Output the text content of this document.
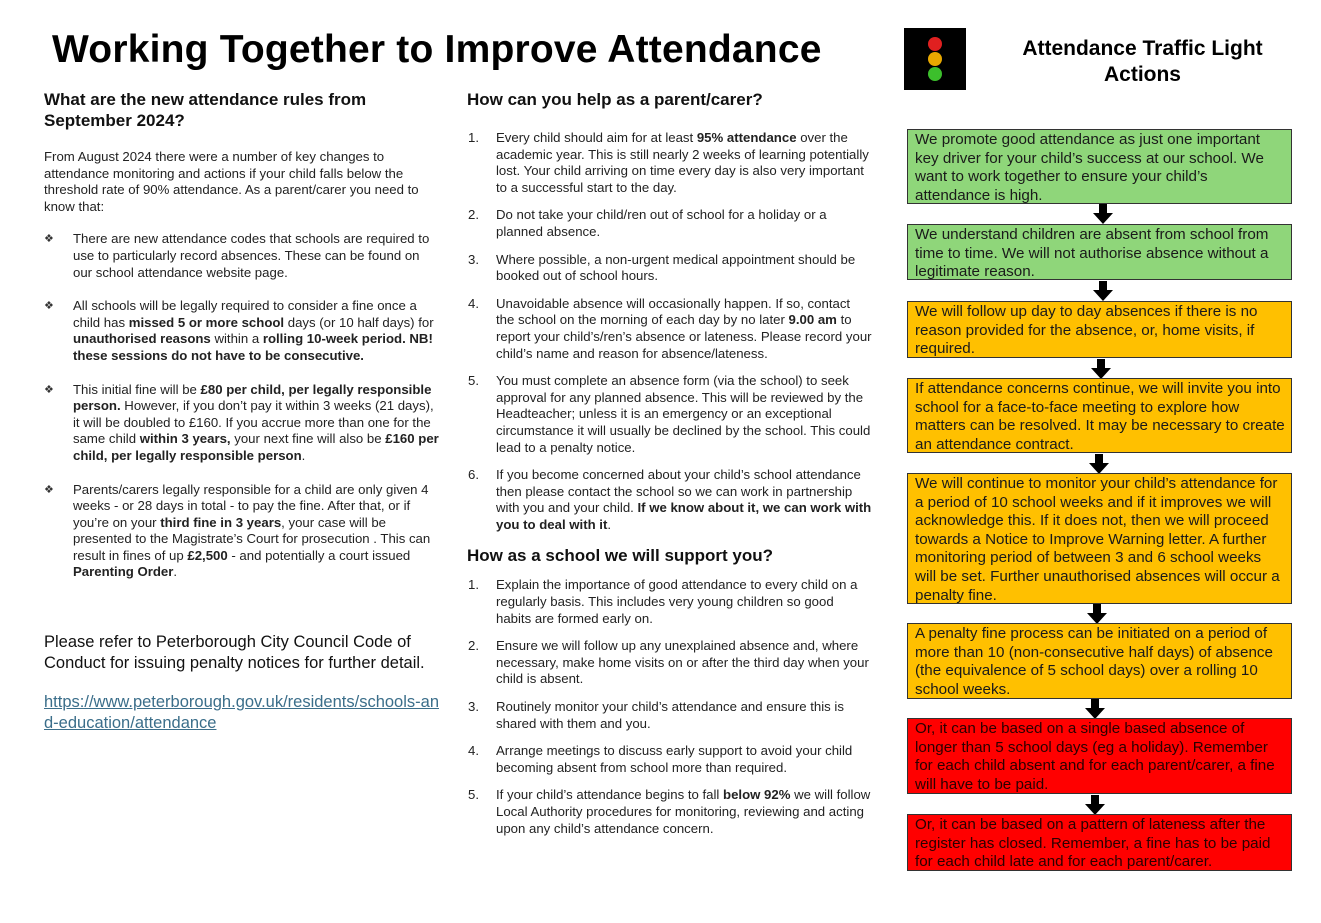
Working Together to Improve Attendance	Attendance Traffic Light
Actions
What are the new attendance rules from September 2024?

From August 2024 there were a number of key changes to attendance monitoring and actions if your child falls below the threshold rate of 90% attendance. As a parent/carer you need to know that:

❖ There are new attendance codes that schools are required to use to particularly record absences. These can be found on our school attendance website page.
❖ All schools will be legally required to consider a fine once a child has missed 5 or more school days (or 10 half days) for unauthorised reasons within a rolling 10-week period. NB! these sessions do not have to be consecutive.
❖ This initial fine will be £80 per child, per legally responsible person. However, if you don’t pay it within 3 weeks (21 days), it will be doubled to £160. If you accrue more than one for the same child within 3 years, your next fine will also be £160 per child, per legally responsible person.
❖ Parents/carers legally responsible for a child are only given 4 weeks - or 28 days in total - to pay the fine. After that, or if you’re on your third fine in 3 years, your case will be presented to the Magistrate’s Court for prosecution . This can result in fines of up £2,500 - and potentially a court issued Parenting Order.

Please refer to Peterborough City Council Code of Conduct for issuing penalty notices for further detail.

https://www.peterborough.gov.uk/residents/schools-and-education/attendance
How can you help as a parent/carer?
1. Every child should aim for at least 95% attendance over the academic year. This is still nearly 2 weeks of learning potentially lost. Your child arriving on time every day is also very important to a successful start to the day.
2. Do not take your child/ren out of school for a holiday or a planned absence.
3. Where possible, a non-urgent medical appointment should be booked out of school hours.
4. Unavoidable absence will occasionally happen. If so, contact the school on the morning of each day by no later 9.00 am to report your child’s/ren’s absence or lateness. Please record your child’s name and reason for absence/lateness.
5. You must complete an absence form (via the school) to seek approval for any planned absence. This will be reviewed by the Headteacher; unless it is an emergency or an exceptional circumstance it will usually be declined by the school. This could lead to a penalty notice.
6. If you become concerned about your child’s school attendance then please contact the school so we can work in partnership with you and your child. If we know about it, we can work with you to deal with it.
How as a school we will support you?
1. Explain the importance of good attendance to every child on a regularly basis. This includes very young children so good habits are formed early on.
2. Ensure we will follow up any unexplained absence and, where necessary, make home visits on or after the third day when your child is absent.
3. Routinely monitor your child’s attendance and ensure this is shared with them and you.
4. Arrange meetings to discuss early support to avoid your child becoming absent from school more than required.
5. If your child’s attendance begins to fall below 92% we will follow Local Authority procedures for monitoring, reviewing and acting upon any child’s attendance concern.
We promote good attendance as just one important key driver for your child’s success at our school. We want to work together to ensure your child’s attendance is high.
We understand children are absent from school from time to time. We will not authorise absence without a legitimate reason.
We will follow up day to day absences if there is no reason provided for the absence, or, home visits, if required.
If attendance concerns continue, we will invite you into school for a face-to-face meeting to explore how matters can be resolved. It may be necessary to create an attendance contract.
We will continue to monitor your child’s attendance for a period of 10 school weeks and if it improves we will acknowledge this. If it does not, then we will proceed towards a Notice to Improve Warning letter. A further monitoring period of between 3 and 6 school weeks will be set. Further unauthorised absences will occur a penalty fine.
A penalty fine process can be initiated on a period of more than 10 (non-consecutive half days) of absence (the equivalence of 5 school days) over a rolling 10 school weeks.
Or, it can be based on a single based absence of longer than 5 school days (eg a holiday). Remember for each child absent and for each parent/carer, a fine will have to be paid.
Or, it can be based on a pattern of lateness after the register has closed. Remember, a fine has to be paid for each child late and for each parent/carer.
